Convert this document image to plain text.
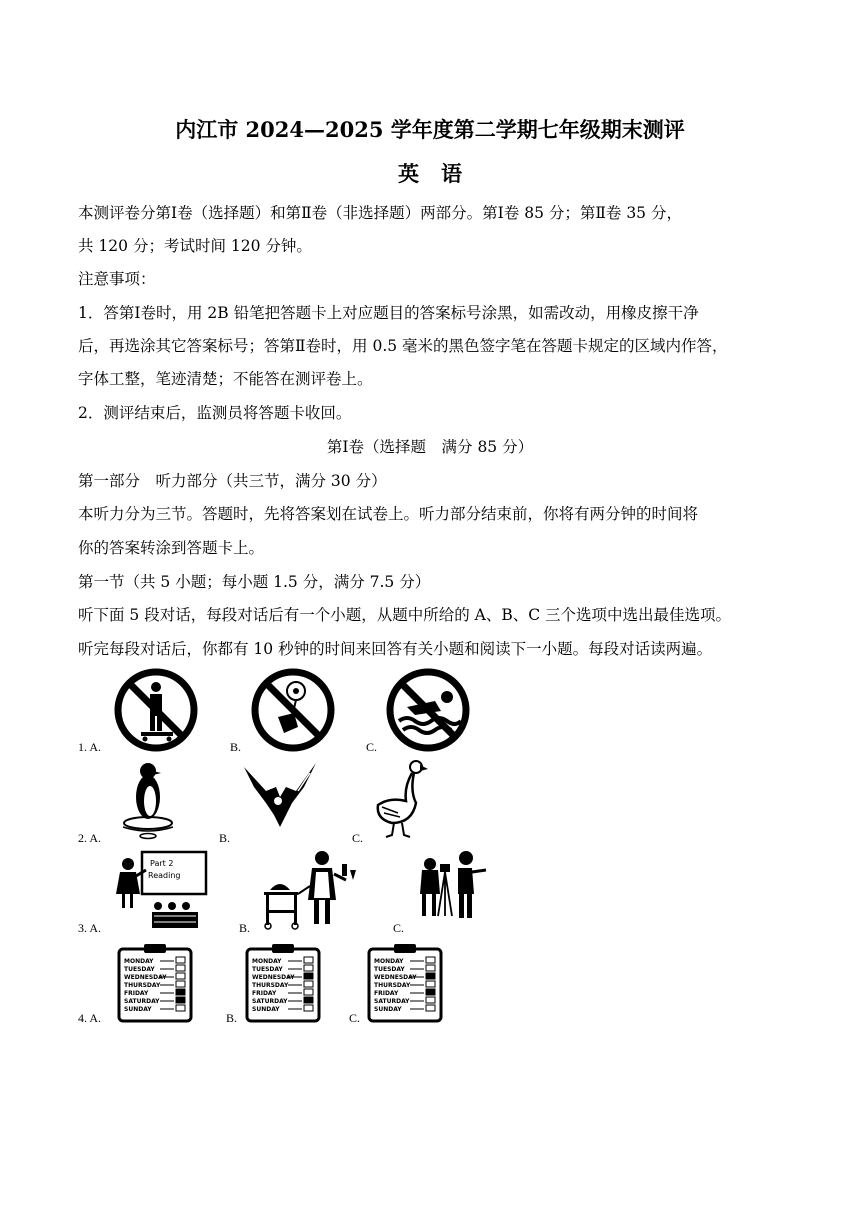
内江市 2024—2025 学年度第二学期七年级期末测评
英语
本测评卷分第Ⅰ卷（选择题）和第Ⅱ卷（非选择题）两部分。第Ⅰ卷 85 分；第Ⅱ卷 35 分，
共 120 分；考试时间 120 分钟。
注意事项：
1．答第Ⅰ卷时，用 2B 铅笔把答题卡上对应题目的答案标号涂黑，如需改动，用橡皮擦干净
后，再选涂其它答案标号；答第Ⅱ卷时，用 0.5 毫米的黑色签字笔在答题卡规定的区域内作答，
字体工整，笔迹清楚；不能答在测评卷上。
2．测评结束后，监测员将答题卡收回。
第Ⅰ卷（选择题　满分 85 分）
第一部分　听力部分（共三节，满分 30 分）
本听力分为三节。答题时，先将答案划在试卷上。听力部分结束前，你将有两分钟的时间将
你的答案转涂到答题卡上。
第一节（共 5 小题；每小题 1.5 分，满分 7.5 分）
听下面 5 段对话，每段对话后有一个小题，从题中所给的 A、B、C 三个选项中选出最佳选项。
听完每段对话后，你都有 10 秒钟的时间来回答有关小题和阅读下一小题。每段对话读两遍。
1. A.	B.	C.
2. A.	B.	C.
3. A.
Part 2
Reading
B.	C.
4. A.
MONDAY
TUESDAY
WEDNESDAY
THURSDAY
FRIDAY
SATURDAY
SUNDAY
B.
MONDAY
TUESDAY
WEDNESDAY
THURSDAY
FRIDAY
SATURDAY
SUNDAY
C.
MONDAY
TUESDAY
WEDNESDAY
THURSDAY
FRIDAY
SATURDAY
SUNDAY
